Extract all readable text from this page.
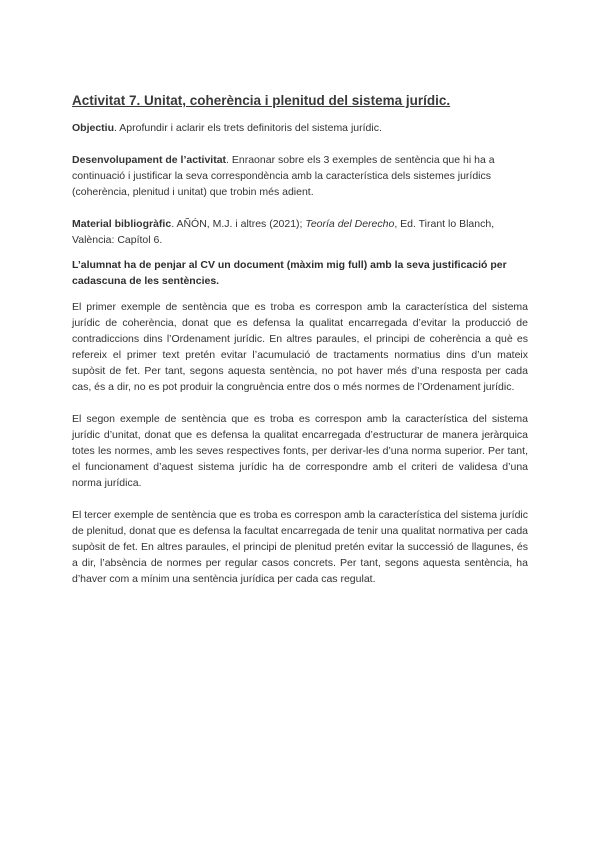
Activitat 7. Unitat, coherència i plenitud del sistema jurídic.

Objectiu. Aprofundir i aclarir els trets definitoris del sistema jurídic.

Desenvolupament de l’activitat. Enraonar sobre els 3 exemples de sentència que hi ha a continuació i justificar la seva correspondència amb la característica dels sistemes jurídics (coherència, plenitud i unitat) que trobin més adient.

Material bibliogràfic. AÑÓN, M.J. i altres (2021); Teoría del Derecho, Ed. Tirant lo Blanch, València: Capítol 6.

L’alumnat ha de penjar al CV un document (màxim mig full) amb la seva justificació per cadascuna de les sentències.

El primer exemple de sentència que es troba es correspon amb la característica del sistema jurídic de coherència, donat que es defensa la qualitat encarregada d’evitar la producció de contradiccions dins l’Ordenament jurídic. En altres paraules, el principi de coherència a què es refereix el primer text pretén evitar l’acumulació de tractaments normatius dins d’un mateix supòsit de fet. Per tant, segons aquesta sentència, no pot haver més d’una resposta per cada cas, és a dir, no es pot produir la congruència entre dos o més normes de l’Ordenament jurídic.

El segon exemple de sentència que es troba es correspon amb la característica del sistema jurídic d’unitat, donat que es defensa la qualitat encarregada d’estructurar de manera jeràrquica totes les normes, amb les seves respectives fonts, per derivar-les d’una norma superior. Per tant, el funcionament d’aquest sistema jurídic ha de correspondre amb el criteri de validesa d’una norma jurídica.

El tercer exemple de sentència que es troba es correspon amb la característica del sistema jurídic de plenitud, donat que es defensa la facultat encarregada de tenir una qualitat normativa per cada supòsit de fet. En altres paraules, el principi de plenitud pretén evitar la successió de llagunes, és a dir, l’absència de normes per regular casos concrets. Per tant, segons aquesta sentència, ha d’haver com a mínim una sentència jurídica per cada cas regulat.
